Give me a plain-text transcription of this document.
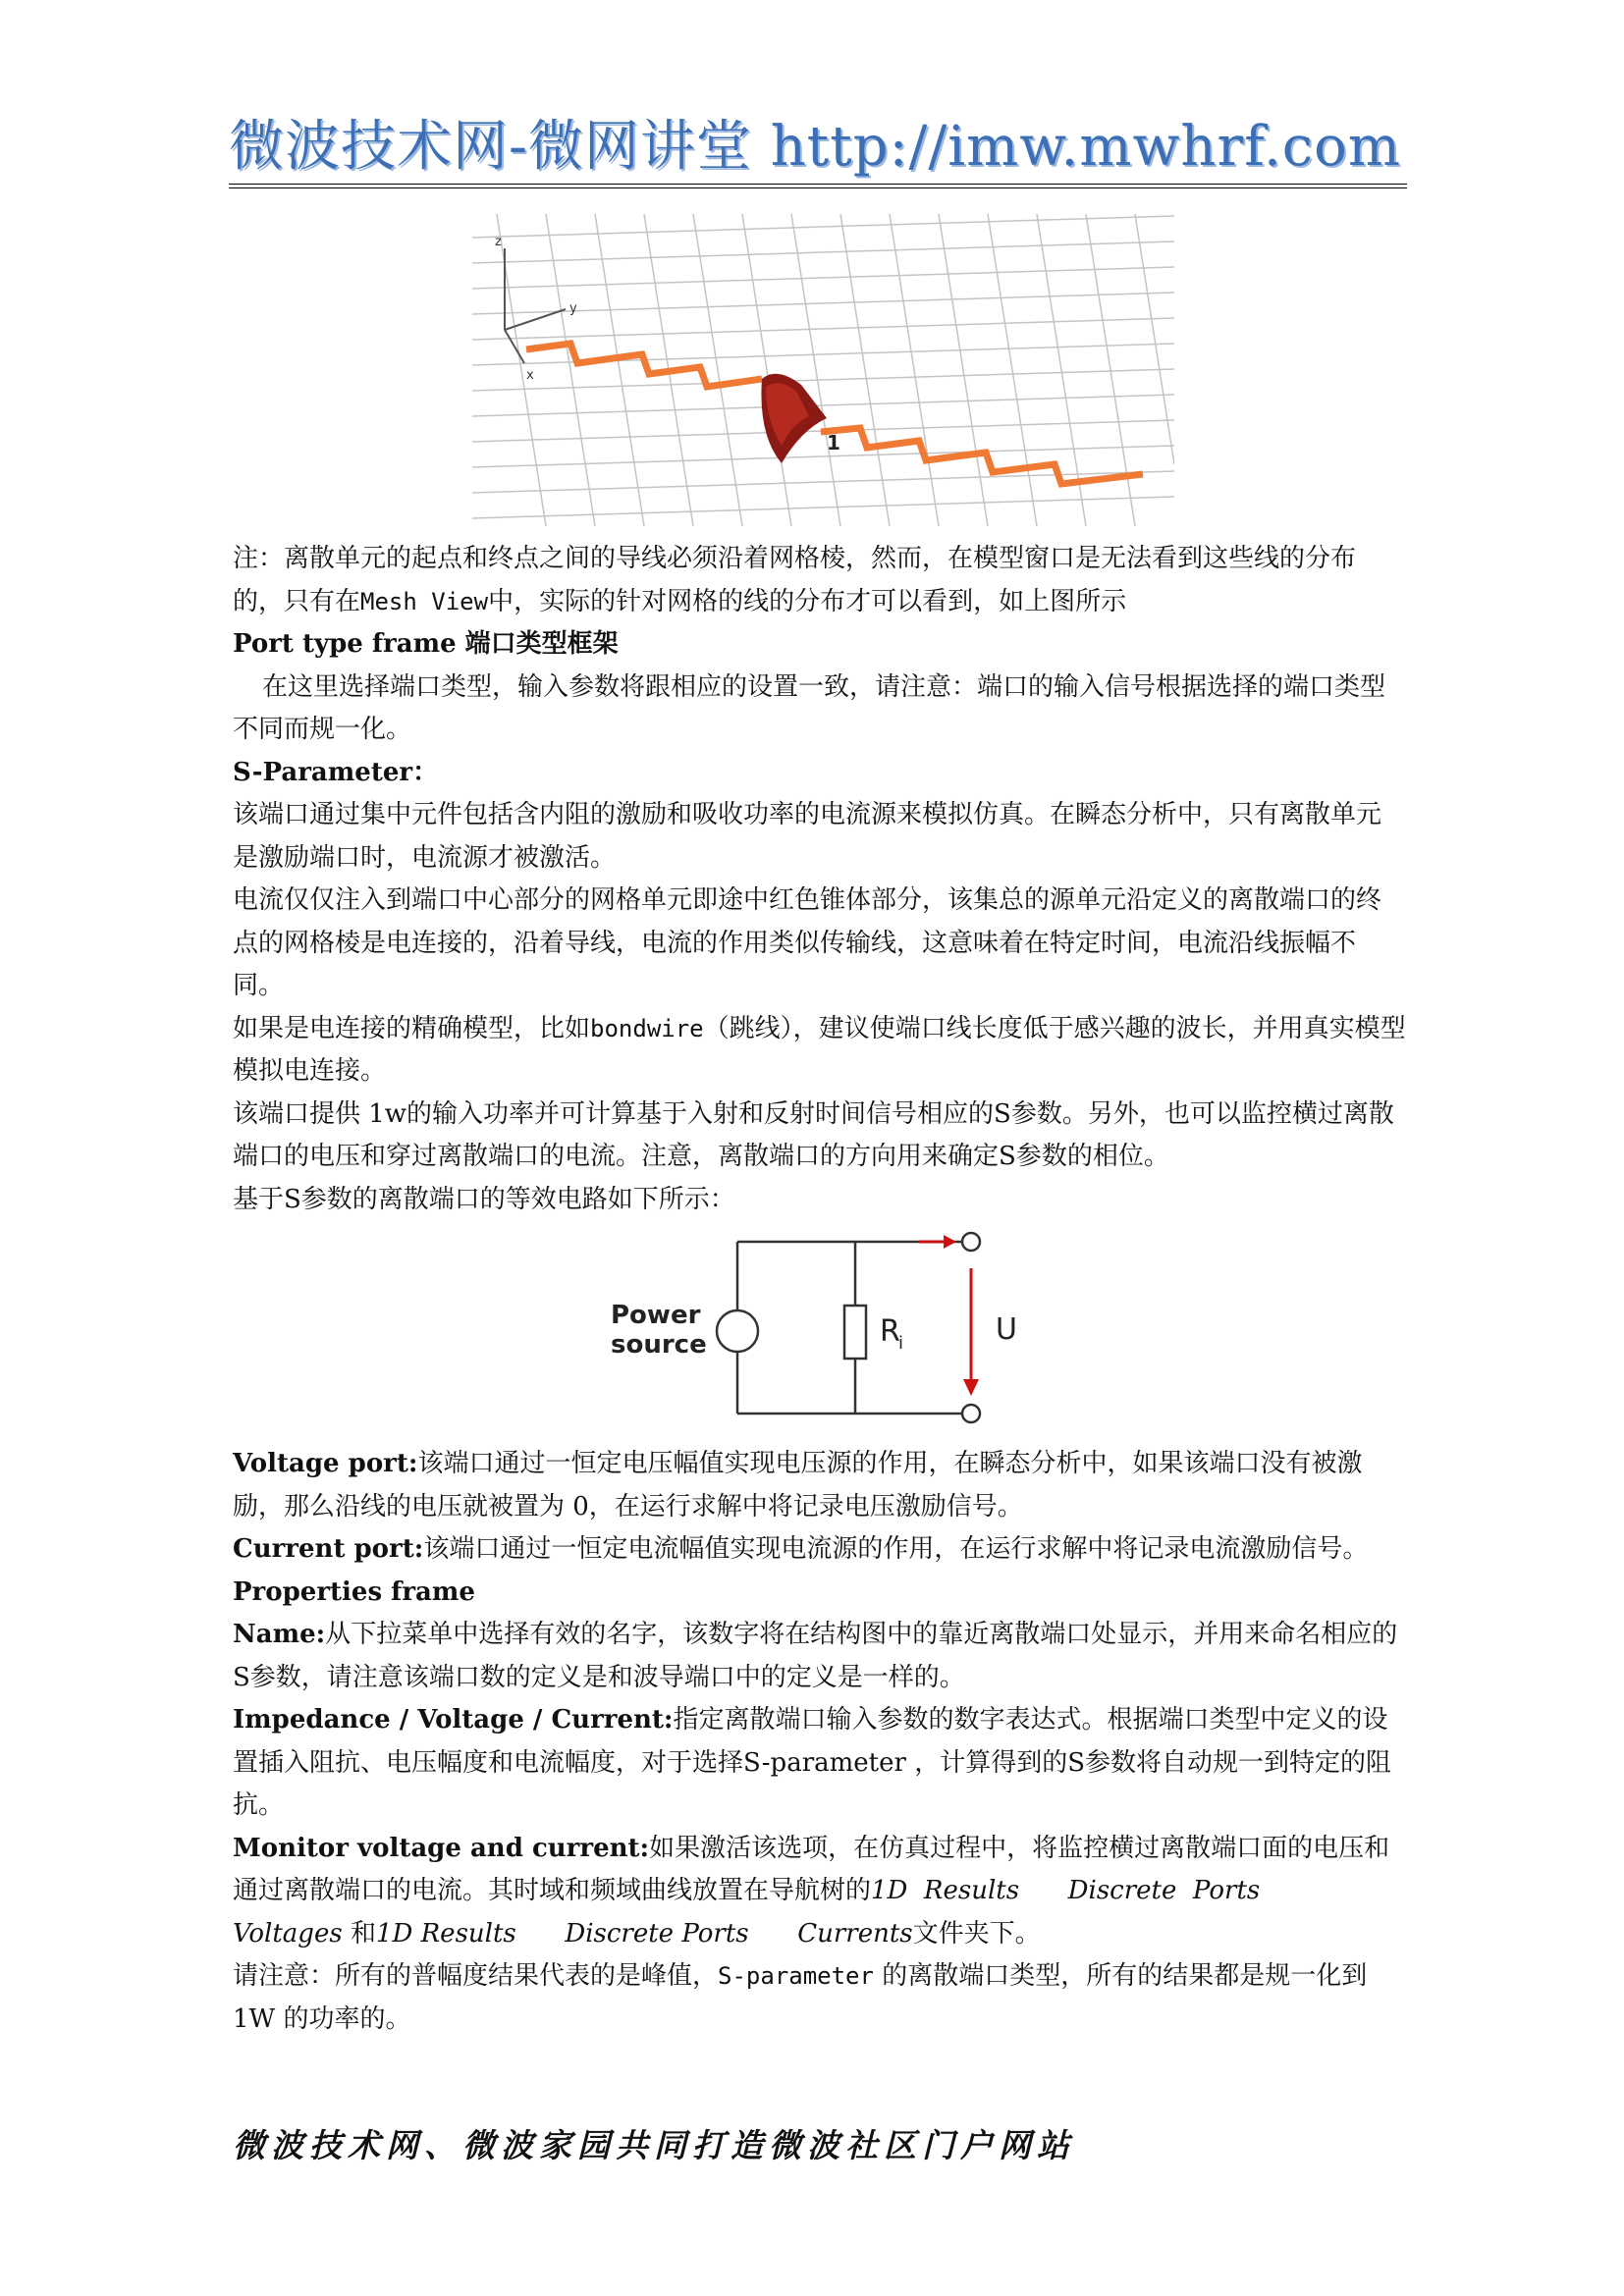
微波技术网-微网讲堂 http://imw.mwhrf.com
z
y
x
1

注：离散单元的起点和终点之间的导线必须沿着网格棱，然而，在模型窗口是无法看到这些线的分布的，只有在Mesh View中，实际的针对网格的线的分布才可以看到，如上图所示

Port type frame 端口类型框架

在这里选择端口类型，输入参数将跟相应的设置一致，请注意：端口的输入信号根据选择的端口类型不同而规一化。

S-Parameter：

该端口通过集中元件包括含内阻的激励和吸收功率的电流源来模拟仿真。在瞬态分析中，只有离散单元是激励端口时，电流源才被激活。

电流仅仅注入到端口中心部分的网格单元即途中红色锥体部分，该集总的源单元沿定义的离散端口的终点的网格棱是电连接的，沿着导线，电流的作用类似传输线，这意味着在特定时间，电流沿线振幅不同。

如果是电连接的精确模型，比如bondwire（跳线），建议使端口线长度低于感兴趣的波长，并用真实模型模拟电连接。

该端口提供 1w的输入功率并可计算基于入射和反射时间信号相应的S参数。另外，也可以监控横过离散端口的电压和穿过离散端口的电流。注意，离散端口的方向用来确定S参数的相位。

基于S参数的离散端口的等效电路如下所示：

Power
source	R
i	U

Voltage port:该端口通过一恒定电压幅值实现电压源的作用，在瞬态分析中，如果该端口没有被激励，那么沿线的电压就被置为 0，在运行求解中将记录电压激励信号。

Current port:该端口通过一恒定电流幅值实现电流源的作用，在运行求解中将记录电流激励信号。

Properties frame

Name:从下拉菜单中选择有效的名字，该数字将在结构图中的靠近离散端口处显示，并用来命名相应的S参数，请注意该端口数的定义是和波导端口中的定义是一样的。

Impedance / Voltage / Current:指定离散端口输入参数的数字表达式。根据端口类型中定义的设置插入阻抗、电压幅度和电流幅度，对于选择S-parameter ，计算得到的S参数将自动规一到特定的阻抗。

Monitor voltage and current:如果激活该选项，在仿真过程中，将监控横过离散端口面的电压和通过离散端口的电流。其时域和频域曲线放置在导航树的1D  Results      Discrete  Ports      Voltages 和1D Results      Discrete Ports      Currents文件夹下。

请注意：所有的普幅度结果代表的是峰值，S-parameter 的离散端口类型，所有的结果都是规一化到 1W 的功率的。

微波技术网、微波家园共同打造微波社区门户网站
